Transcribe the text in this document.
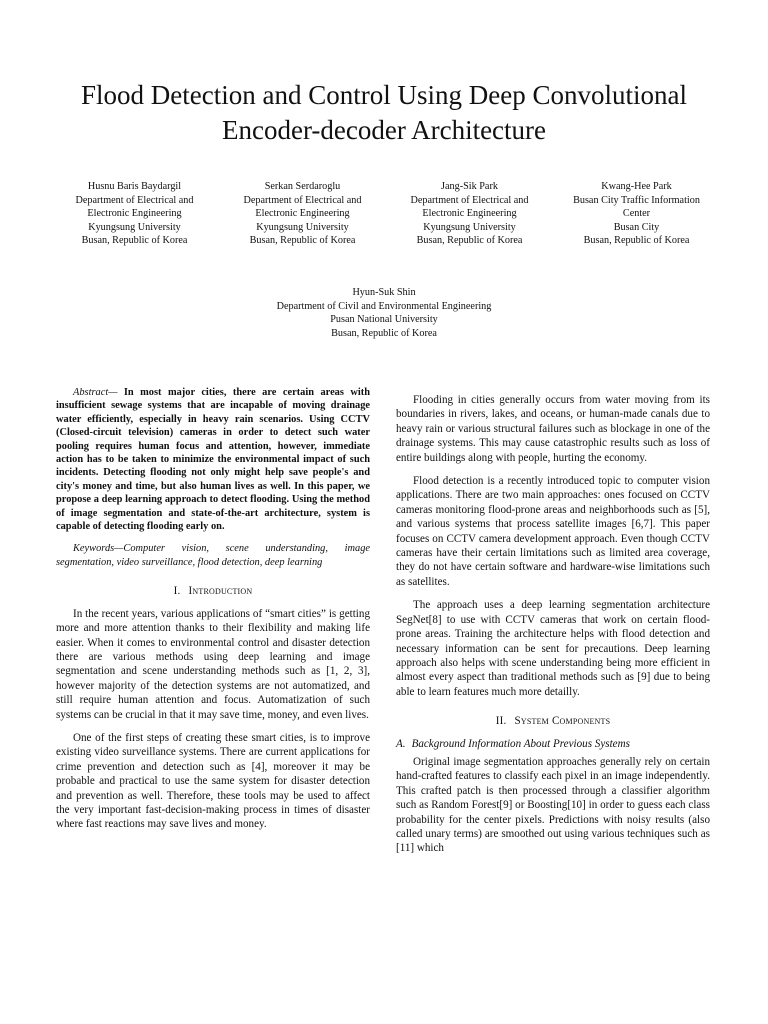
Flood Detection and Control Using Deep Convolutional Encoder-decoder Architecture
Husnu Baris Baydargil
Department of Electrical and
Electronic Engineering
Kyungsung University
Busan, Republic of Korea
Serkan Serdaroglu
Department of Electrical and
Electronic Engineering
Kyungsung University
Busan, Republic of Korea
Jang-Sik Park
Department of Electrical and
Electronic Engineering
Kyungsung University
Busan, Republic of Korea
Kwang-Hee Park
Busan City Traffic Information
Center
Busan City
Busan, Republic of Korea
Hyun-Suk Shin
Department of Civil and Environmental Engineering
Pusan National University
Busan, Republic of Korea

Abstract— In most major cities, there are certain areas with insufficient sewage systems that are incapable of moving drainage water efficiently, especially in heavy rain scenarios. Using CCTV (Closed-circuit television) cameras in order to detect such water pooling requires human focus and attention, however, immediate action has to be taken to minimize the environmental impact of such incidents. Detecting flooding not only might help save people's and city's money and time, but also human lives as well. In this paper, we propose a deep learning approach to detect flooding. Using the method of image segmentation and state-of-the-art architecture, system is capable of detecting flooding early on.

Keywords—Computer vision, scene understanding, image segmentation, video surveillance, flood detection, deep learning

I. Introduction

In the recent years, various applications of “smart cities” is getting more and more attention thanks to their flexibility and making life easier. When it comes to environmental control and disaster detection there are various methods using deep learning and image segmentation and scene understanding methods such as [1, 2, 3], however majority of the detection systems are not automatized, and still require human attention and focus. Automatization of such systems can be crucial in that it may save time, money, and even lives.

One of the first steps of creating these smart cities, is to improve existing video surveillance systems. There are current applications for crime prevention and detection such as [4], moreover it may be probable and practical to use the same system for disaster detection and prevention as well. Therefore, these tools may be used to affect the very important fast-decision-making process in times of disaster where fast reactions may save lives and money.

Flooding in cities generally occurs from water moving from its boundaries in rivers, lakes, and oceans, or human-made canals due to heavy rain or various structural failures such as blockage in one of the drainage systems. This may cause catastrophic results such as loss of entire buildings along with people, hurting the economy.

Flood detection is a recently introduced topic to computer vision applications. There are two main approaches: ones focused on CCTV cameras monitoring flood-prone areas and neighborhoods such as [5], and various systems that process satellite images [6,7]. This paper focuses on CCTV camera development approach. Even though CCTV cameras have their certain limitations such as limited area coverage, they do not have certain software and hardware-wise limitations such as satellites.

The approach uses a deep learning segmentation architecture SegNet[8] to use with CCTV cameras that work on certain flood-prone areas. Training the architecture helps with flood detection and necessary information can be sent for precautions. Deep learning approach also helps with scene understanding being more efficient in almost every aspect than traditional methods such as [9] due to being able to learn features much more detailly.

II. System Components
A. Background Information About Previous Systems

Original image segmentation approaches generally rely on certain hand-crafted features to classify each pixel in an image independently. This crafted patch is then processed through a classifier algorithm such as Random Forest[9] or Boosting[10] in order to guess each class probability for the center pixels. Predictions with noisy results (also called unary terms) are smoothed out using various techniques such as [11] which
